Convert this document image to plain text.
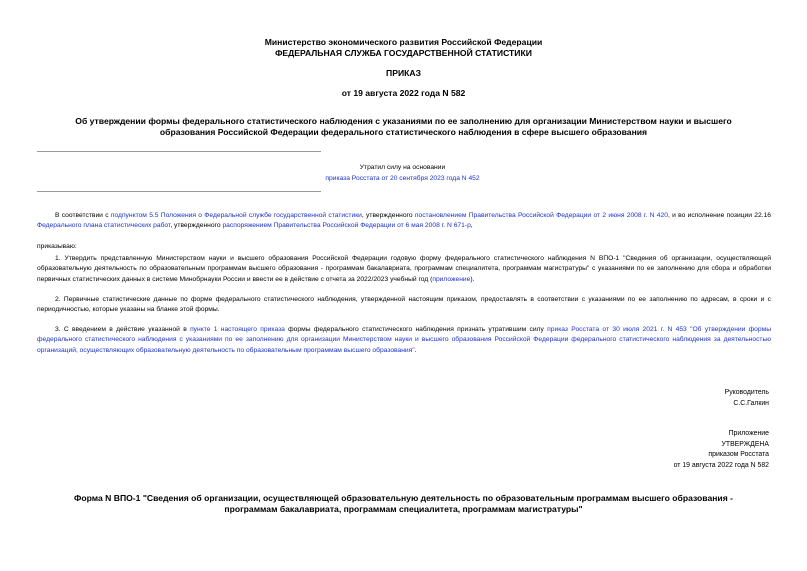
Министерство экономического развития Российской Федерации
ФЕДЕРАЛЬНАЯ СЛУЖБА ГОСУДАРСТВЕННОЙ СТАТИСТИКИ
ПРИКАЗ
от 19 августа 2022 года N 582
Об утверждении формы федерального статистического наблюдения с указаниями по ее заполнению для организации Министерством науки и высшего
образования Российской Федерации федерального статистического наблюдения в сфере высшего образования
Утратил силу на основании
приказа Росстата от 20 сентября 2023 года N 452
В соответствии с подпунктом 5.5 Положения о Федеральной службе государственной статистики, утвержденного постановлением Правительства Российской Федерации от 2 июня 2008 г. N 420, и во исполнение позиции 22.16 Федерального плана статистических работ, утвержденного распоряжением Правительства Российской Федерации от 6 мая 2008 г. N 671-р,
приказываю:
1. Утвердить представленную Министерством науки и высшего образования Российской Федерации годовую форму федерального статистического наблюдения N ВПО-1 "Сведения об организации, осуществляющей образовательную деятельность по образовательным программам высшего образования - программам бакалавриата, программам специалитета, программам магистратуры" с указаниями по ее заполнению для сбора и обработки первичных статистических данных в системе Минобрнауки России и ввести ее в действие с отчета за 2022/2023 учебный год (приложение).
2. Первичные статистические данные по форме федерального статистического наблюдения, утвержденной настоящим приказом, предоставлять в соответствии с указаниями по ее заполнению по адресам, в сроки и с периодичностью, которые указаны на бланке этой формы.
3. С введением в действие указанной в пункте 1 настоящего приказа формы федерального статистического наблюдения признать утратившим силу приказ Росстата от 30 июля 2021 г. N 453 "Об утверждении формы федерального статистического наблюдения с указаниями по ее заполнению для организации Министерством науки и высшего образования Российской Федерации федерального статистического наблюдения за деятельностью организаций, осуществляющих образовательную деятельность по образовательным программам высшего образования".
Руководитель
С.С.Галкин
Приложение
УТВЕРЖДЕНА
приказом Росстата
от 19 августа 2022 года N 582
Форма N ВПО-1 "Сведения об организации, осуществляющей образовательную деятельность по образовательным программам высшего образования -
программам бакалавриата, программам специалитета, программам магистратуры"
